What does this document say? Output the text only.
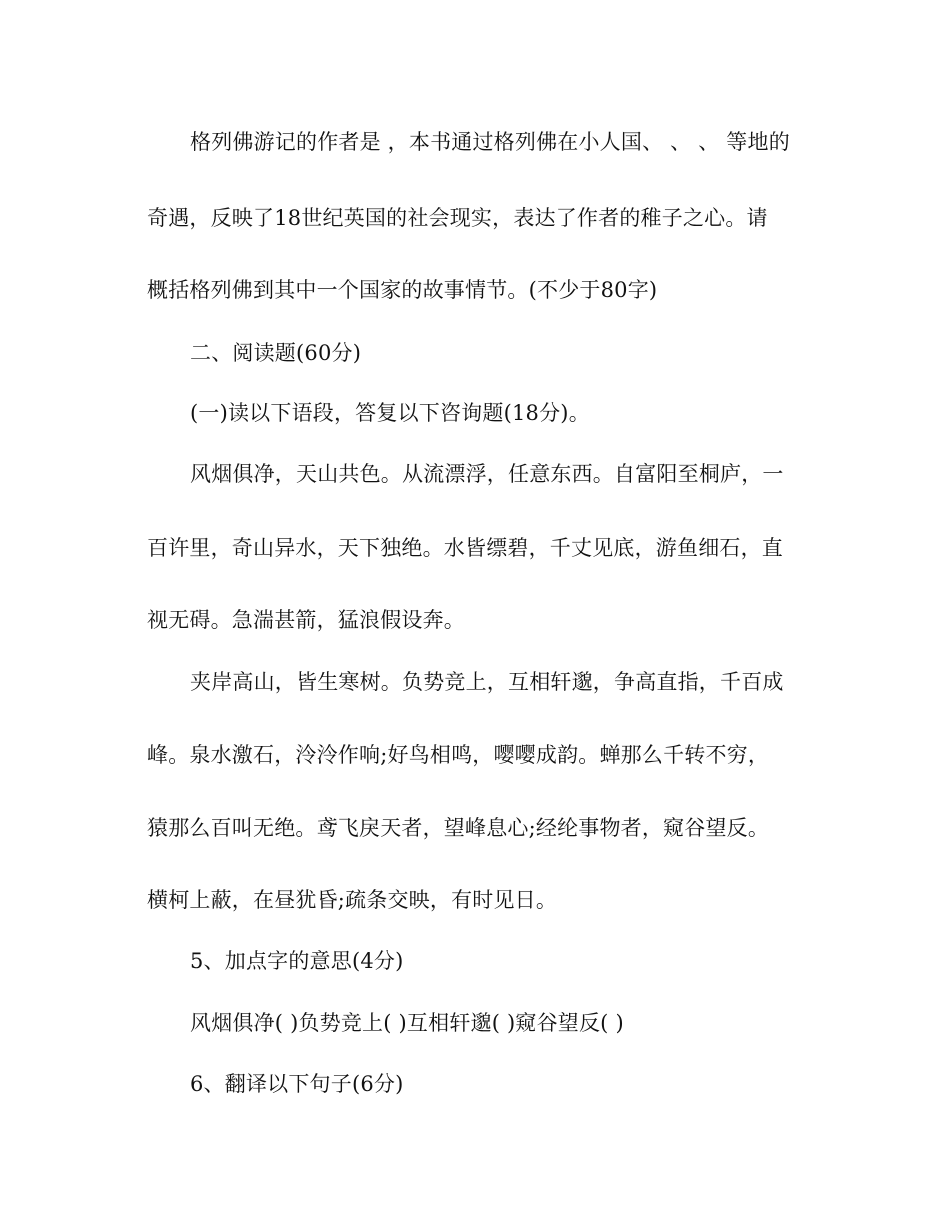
格列佛游记的作者是 ，本书通过格列佛在小人国、 、 、 等地的
奇遇，反映了18世纪英国的社会现实，表达了作者的稚子之心。请
概括格列佛到其中一个国家的故事情节。(不少于80字)
二、阅读题(60分)
(一)读以下语段，答复以下咨询题(18分)。
风烟俱净，天山共色。从流漂浮，任意东西。自富阳至桐庐，一
百许里，奇山异水，天下独绝。水皆缥碧，千丈见底，游鱼细石，直
视无碍。急湍甚箭，猛浪假设奔。
夹岸高山，皆生寒树。负势竞上，互相轩邈，争高直指，千百成
峰。泉水激石，泠泠作响;好鸟相鸣，嘤嘤成韵。蝉那么千转不穷，
猿那么百叫无绝。鸢飞戾天者，望峰息心;经纶事物者，窥谷望反。
横柯上蔽，在昼犹昏;疏条交映，有时见日。
5、加点字的意思(4分)
风烟俱净( )负势竞上( )互相轩邈( )窥谷望反( )
6、翻译以下句子(6分)
